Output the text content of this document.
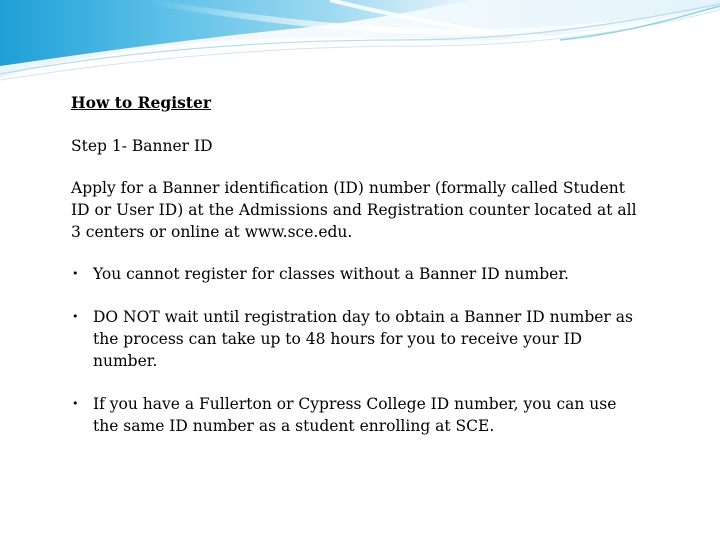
How to Register

Step 1- Banner ID

Apply for a Banner identification (ID) number (formally called Student ID or User ID) at the Admissions and Registration counter located at all 3 centers or online at www.sce.edu.

• You cannot register for classes without a Banner ID number.
• DO NOT wait until registration day to obtain a Banner ID number as the process can take up to 48 hours for you to receive your ID number.
• If you have a Fullerton or Cypress College ID number, you can use the same ID number as a student enrolling at SCE.
